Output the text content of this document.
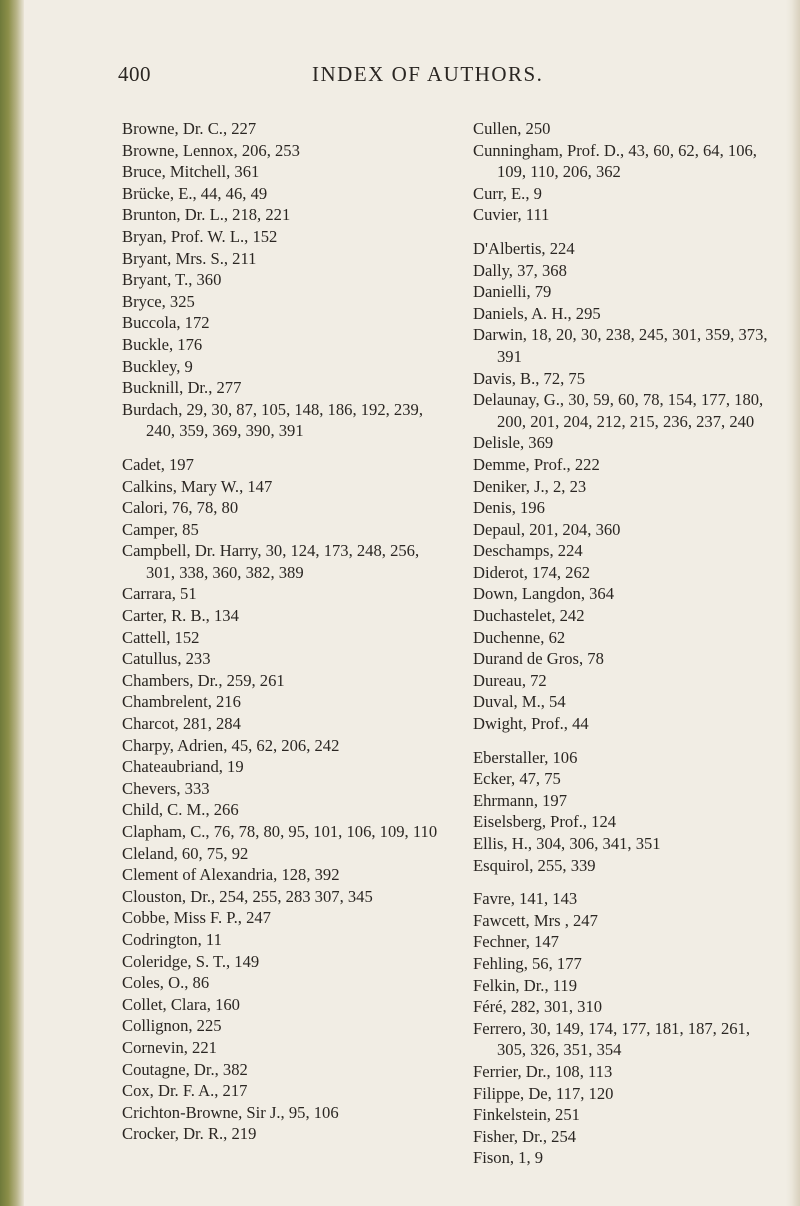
400	INDEX OF AUTHORS.
Browne, Dr. C., 227
Browne, Lennox, 206, 253
Bruce, Mitchell, 361
Brücke, E., 44, 46, 49
Brunton, Dr. L., 218, 221
Bryan, Prof. W. L., 152
Bryant, Mrs. S., 211
Bryant, T., 360
Bryce, 325
Buccola, 172
Buckle, 176
Buckley, 9
Bucknill, Dr., 277
Burdach, 29, 30, 87, 105, 148, 186, 192, 239, 240, 359, 369, 390, 391
Cadet, 197
Calkins, Mary W., 147
Calori, 76, 78, 80
Camper, 85
Campbell, Dr. Harry, 30, 124, 173, 248, 256, 301, 338, 360, 382, 389
Carrara, 51
Carter, R. B., 134
Cattell, 152
Catullus, 233
Chambers, Dr., 259, 261
Chambrelent, 216
Charcot, 281, 284
Charpy, Adrien, 45, 62, 206, 242
Chateaubriand, 19
Chevers, 333
Child, C. M., 266
Clapham, C., 76, 78, 80, 95, 101, 106, 109, 110
Cleland, 60, 75, 92
Clement of Alexandria, 128, 392
Clouston, Dr., 254, 255, 283 307, 345
Cobbe, Miss F. P., 247
Codrington, 11
Coleridge, S. T., 149
Coles, O., 86
Collet, Clara, 160
Collignon, 225
Cornevin, 221
Coutagne, Dr., 382
Cox, Dr. F. A., 217
Crichton-Browne, Sir J., 95, 106
Crocker, Dr. R., 219
Cullen, 250
Cunningham, Prof. D., 43, 60, 62, 64, 106, 109, 110, 206, 362
Curr, E., 9
Cuvier, 111
D'Albertis, 224
Dally, 37, 368
Danielli, 79
Daniels, A. H., 295
Darwin, 18, 20, 30, 238, 245, 301, 359, 373, 391
Davis, B., 72, 75
Delaunay, G., 30, 59, 60, 78, 154, 177, 180, 200, 201, 204, 212, 215, 236, 237, 240
Delisle, 369
Demme, Prof., 222
Deniker, J., 2, 23
Denis, 196
Depaul, 201, 204, 360
Deschamps, 224
Diderot, 174, 262
Down, Langdon, 364
Duchastelet, 242
Duchenne, 62
Durand de Gros, 78
Dureau, 72
Duval, M., 54
Dwight, Prof., 44
Eberstaller, 106
Ecker, 47, 75
Ehrmann, 197
Eiselsberg, Prof., 124
Ellis, H., 304, 306, 341, 351
Esquirol, 255, 339
Favre, 141, 143
Fawcett, Mrs , 247
Fechner, 147
Fehling, 56, 177
Felkin, Dr., 119
Féré, 282, 301, 310
Ferrero, 30, 149, 174, 177, 181, 187, 261, 305, 326, 351, 354
Ferrier, Dr., 108, 113
Filippe, De, 117, 120
Finkelstein, 251
Fisher, Dr., 254
Fison, 1, 9
